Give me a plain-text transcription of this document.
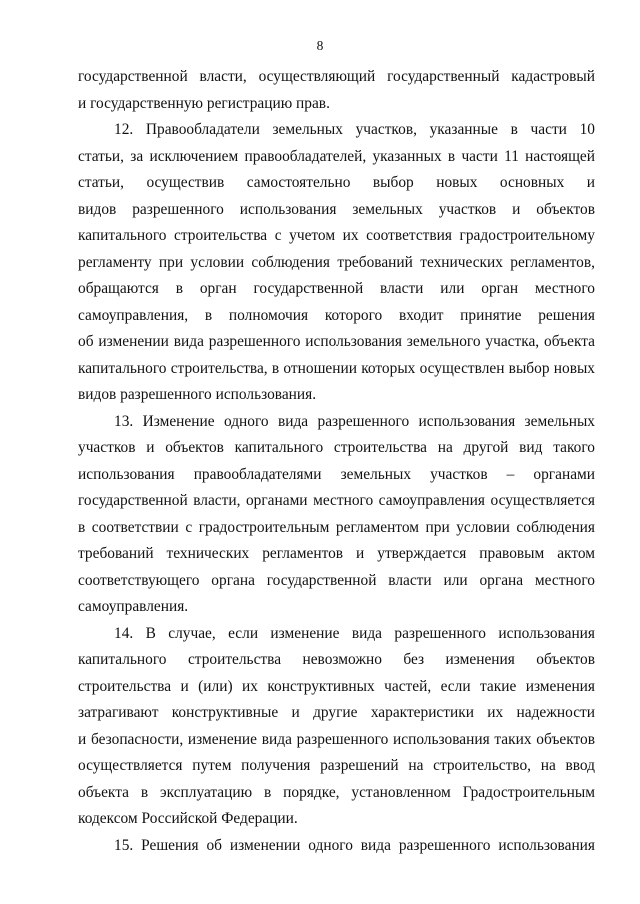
8
государственной власти, осуществляющий государственный кадастровый
и государственную регистрацию прав.
12. Правообладатели земельных участков, указанные в части 10
статьи, за исключением правообладателей, указанных в части 11 настоящей
статьи, осуществив самостоятельно выбор новых основных и
видов разрешенного использования земельных участков и объектов
капитального строительства с учетом их соответствия градостроительному
регламенту при условии соблюдения требований технических регламентов,
обращаются в орган государственной власти или орган местного
самоуправления, в полномочия которого входит принятие решения
об изменении вида разрешенного использования земельного участка, объекта
капитального строительства, в отношении которых осуществлен выбор новых
видов разрешенного использования.
13. Изменение одного вида разрешенного использования земельных
участков и объектов капитального строительства на другой вид такого
использования правообладателями земельных участков – органами
государственной власти, органами местного самоуправления осуществляется
в соответствии с градостроительным регламентом при условии соблюдения
требований технических регламентов и утверждается правовым актом
соответствующего органа государственной власти или органа местного
самоуправления.
14. В случае, если изменение вида разрешенного использования
капитального строительства невозможно без изменения объектов
строительства и (или) их конструктивных частей, если такие изменения
затрагивают конструктивные и другие характеристики их надежности
и безопасности, изменение вида разрешенного использования таких объектов
осуществляется путем получения разрешений на строительство, на ввод
объекта в эксплуатацию в порядке, установленном Градостроительным
кодексом Российской Федерации.
15. Решения об изменении одного вида разрешенного использования
